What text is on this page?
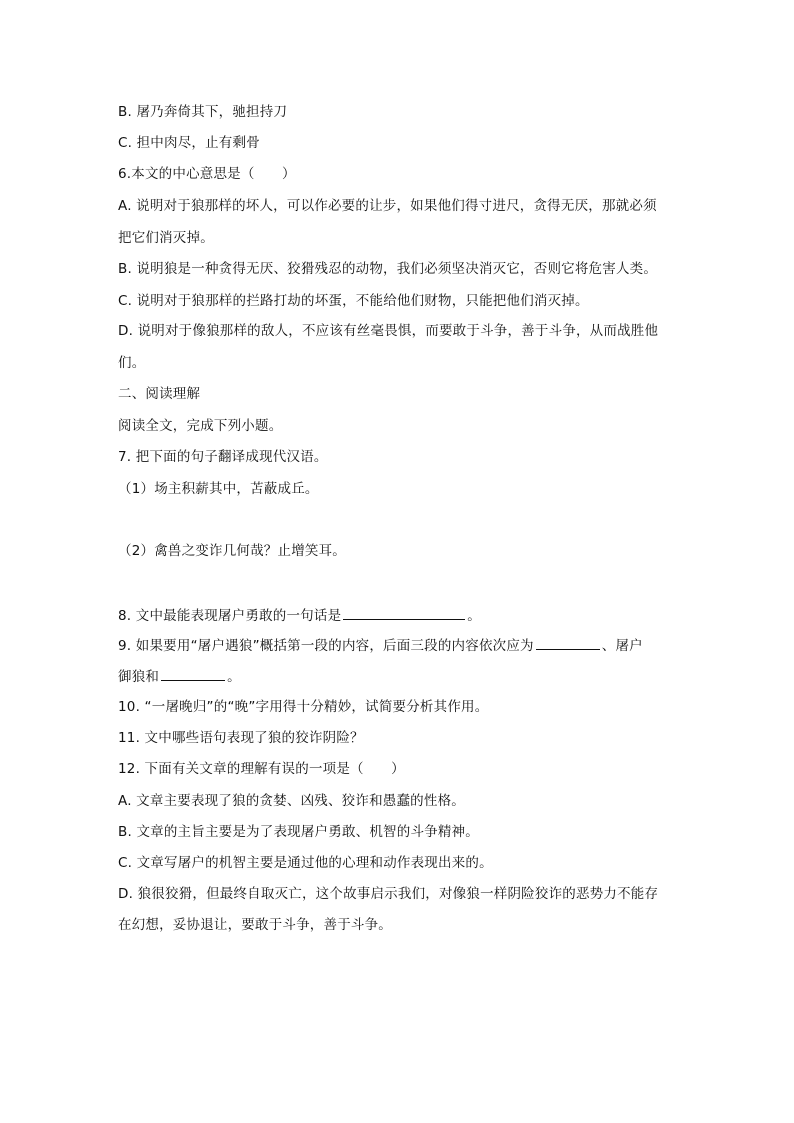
B. 屠乃奔倚其下，驰担持刀
C. 担中肉尽，止有剩骨
6.本文的中心意思是（　　）
A. 说明对于狼那样的坏人，可以作必要的让步，如果他们得寸进尺，贪得无厌，那就必须
把它们消灭掉。
B. 说明狼是一种贪得无厌、狡猾残忍的动物，我们必须坚决消灭它，否则它将危害人类。
C. 说明对于狼那样的拦路打劫的坏蛋，不能给他们财物，只能把他们消灭掉。
D. 说明对于像狼那样的敌人，不应该有丝毫畏惧，而要敢于斗争，善于斗争，从而战胜他
们。
二、阅读理解
阅读全文，完成下列小题。
7. 把下面的句子翻译成现代汉语。
（1）场主积薪其中，苫蔽成丘。
（2）禽兽之变诈几何哉？止增笑耳。
8. 文中最能表现屠户勇敢的一句话是	。
9. 如果要用“屠户遇狼”概括第一段的内容，后面三段的内容依次应为	、屠户
御狼和	。
10. “一屠晚归”的“晚”字用得十分精妙，试简要分析其作用。
11. 文中哪些语句表现了狼的狡诈阴险？
12. 下面有关文章的理解有误的一项是（　　）
A. 文章主要表现了狼的贪婪、凶残、狡诈和愚蠢的性格。
B. 文章的主旨主要是为了表现屠户勇敢、机智的斗争精神。
C. 文章写屠户的机智主要是通过他的心理和动作表现出来的。
D. 狼很狡猾，但最终自取灭亡，这个故事启示我们，对像狼一样阴险狡诈的恶势力不能存
在幻想，妥协退让，要敢于斗争，善于斗争。
